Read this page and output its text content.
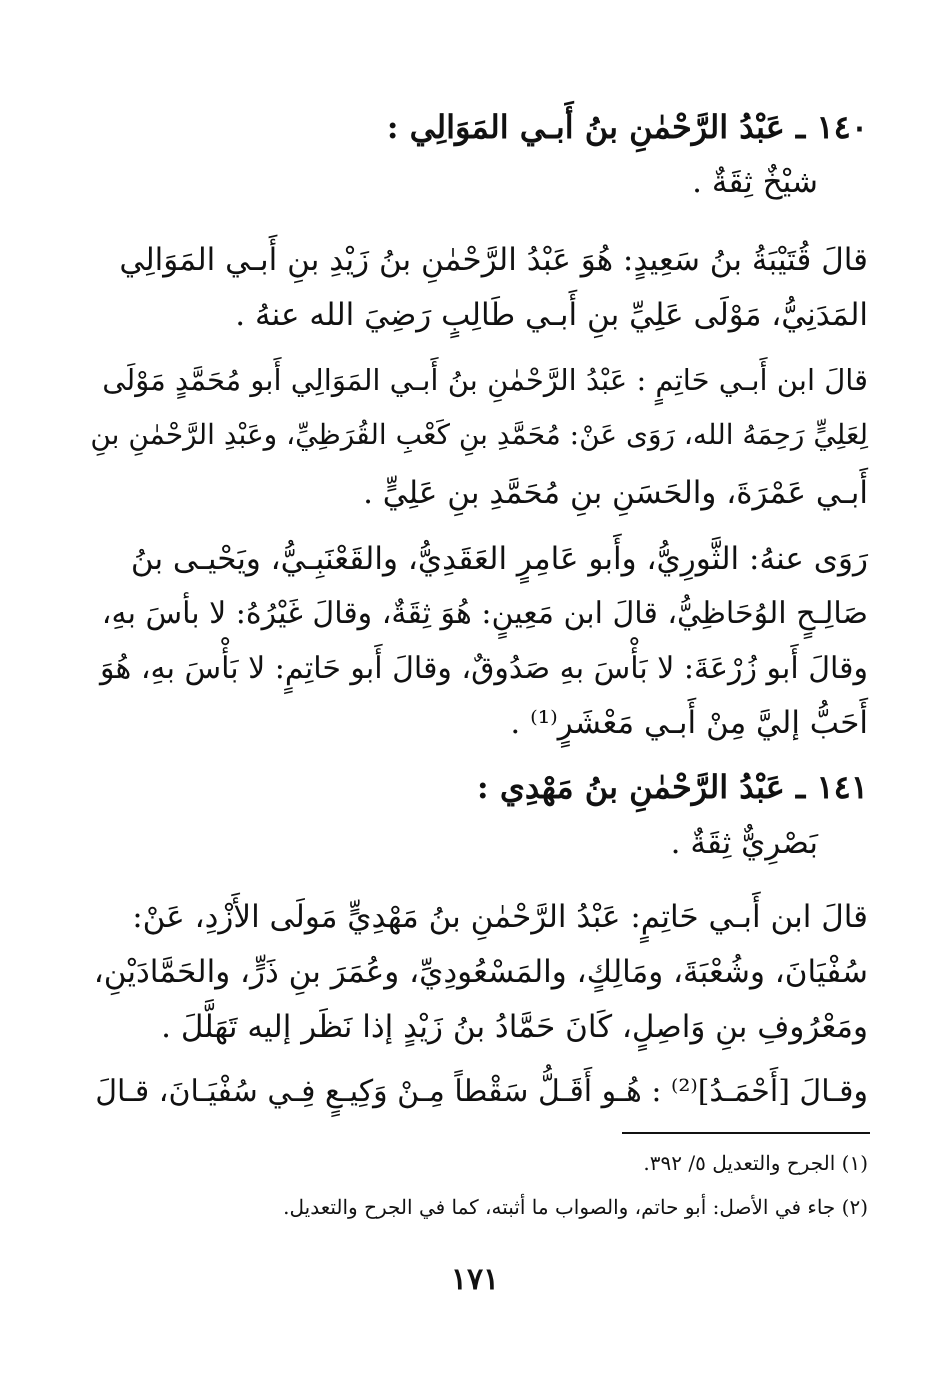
١٤٠ ـ عَبْدُ الرَّحْمٰنِ بنُ أَبـي المَوَالِي :
شيْخٌ ثِقَةٌ .
قالَ قُتَيْبَةُ بنُ سَعِيدٍ: هُوَ عَبْدُ الرَّحْمٰنِ بنُ زَيْدِ بنِ أَبـي المَوَالِي
المَدَنِيُّ، مَوْلَى عَلِيِّ بنِ أَبـي طَالِبٍ رَضِيَ الله عنهُ .
قالَ ابن أَبـي حَاتِمٍ : عَبْدُ الرَّحْمٰنِ بنُ أَبـي المَوَالِي أَبو مُحَمَّدٍ مَوْلَى
لِعَلِيٍّ رَحِمَهُ الله، رَوَى عَنْ: مُحَمَّدِ بنِ كَعْبِ القُرَظِيِّ، وعَبْدِ الرَّحْمٰنِ بنِ
أَبـي عَمْرَةَ، والحَسَنِ بنِ مُحَمَّدِ بنِ عَلِيٍّ .
رَوَى عنهُ: الثَّورِيُّ، وأَبو عَامِرٍ العَقَدِيُّ، والقَعْنَبِـيُّ، ويَحْيـى بنُ
صَالِـحٍ الوُحَاظِيُّ، قالَ ابن مَعِينٍ: هُوَ ثِقَةٌ، وقالَ غَيْرُهُ: لا بأسَ بهِ،
وقالَ أَبو زُرْعَةَ: لا بَأْسَ بهِ صَدُوقٌ، وقالَ أَبو حَاتِمٍ: لا بَأْسَ بهِ، هُوَ
أَحَبُّ إليَّ مِنْ أَبـي مَعْشَرٍ⁽¹⁾ .
١٤١ ـ عَبْدُ الرَّحْمٰنِ بنُ مَهْدِي :
بَصْرِيٌّ ثِقَةٌ .
قالَ ابن أَبـي حَاتِمٍ: عَبْدُ الرَّحْمٰنِ بنُ مَهْدِيٍّ مَولَى الأَزْدِ، عَنْ:
سُفْيَانَ، وشُعْبَةَ، ومَالِكٍ، والمَسْعُودِيِّ، وعُمَرَ بنِ ذَرٍّ، والحَمَّادَيْنِ،
ومَعْرُوفِ بنِ وَاصِلٍ، كَانَ حَمَّادُ بنُ زَيْدٍ إذا نَظَر إليه تَهَلَّلَ .
وقـالَ [أَحْمَـدُ]⁽²⁾ : هُـو أَقَـلُّ سَقْطاً مِـنْ وَكِيـعٍ فِـي سُفْيَـانَ، قـالَ
(١) الجرح والتعديل ٥/ ٣٩٢.
(٢) جاء في الأصل: أبو حاتم، والصواب ما أثبته، كما في الجرح والتعديل.
١٧١
